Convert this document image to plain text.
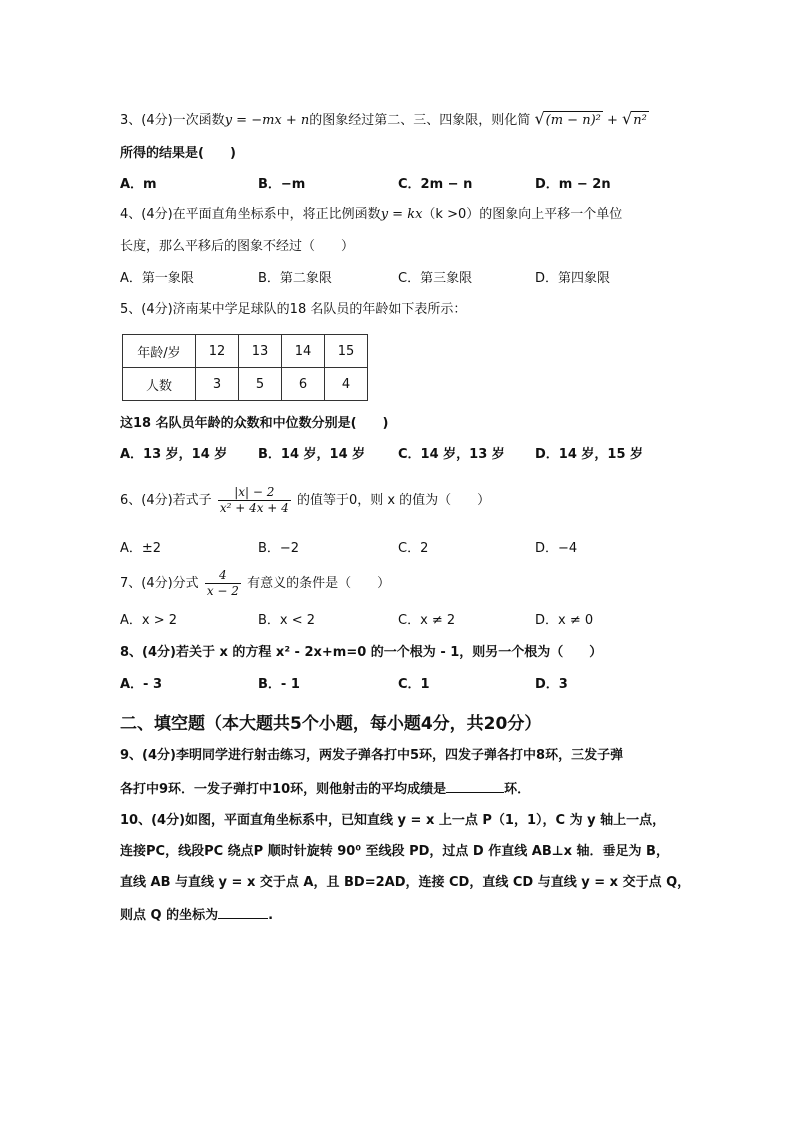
3、(4分)一次函数y = −mx + n的图象经过第二、三、四象限，则化简 √(m − n)² + √n²
所得的结果是(　　)
A．m	B．−m	C．2m − n	D．m − 2n
4、(4分)在平面直角坐标系中，将正比例函数y = kx（k >0）的图象向上平移一个单位
长度，那么平移后的图象不经过（　　）
A．第一象限	B．第二象限	C．第三象限	D．第四象限
5、(4分)济南某中学足球队的18 名队员的年龄如下表所示：
年龄/岁	12	13	14	15
人数	3	5	6	4
这18 名队员年龄的众数和中位数分别是(　　)
A．13 岁，14 岁 B．14 岁，14 岁	C．14 岁，13 岁 D．14 岁，15 岁
6、(4分)若式子 $\frac{|x| - 2}{\text{x² + 4x + 4}}$ 的值等于0，则 x 的值为（　　）
A．±2	B．−2	C．2	D．−4
7、(4分)分式 $\frac{4}{x - 2}$ 有意义的条件是（　　）
A．x > 2	B．x < 2	C．x ≠ 2	D．x ≠ 0
8、(4分)若关于 x 的方程 x² - 2x+m=0 的一个根为 - 1，则另一个根为（　　）
A．- 3	B．- 1	C．1	D．3
二、填空题（本大题共5个小题，每小题4分，共20分）
9、(4分)李明同学进行射击练习，两发子弹各打中5环，四发子弹各打中8环，三发子弹
各打中9环．一发子弹打中10环，则他射击的平均成绩是	环．
10、(4分)如图，平面直角坐标系中，已知直线 y = x 上一点 P（1，1），C 为 y 轴上一点，
连接PC，线段PC 绕点P 顺时针旋转 90⁰ 至线段 PD，过点 D 作直线 AB⊥x 轴．垂足为 B，
直线 AB 与直线 y = x 交于点 A，且 BD=2AD，连接 CD，直线 CD 与直线 y = x 交于点 Q，
则点 Q 的坐标为	.
